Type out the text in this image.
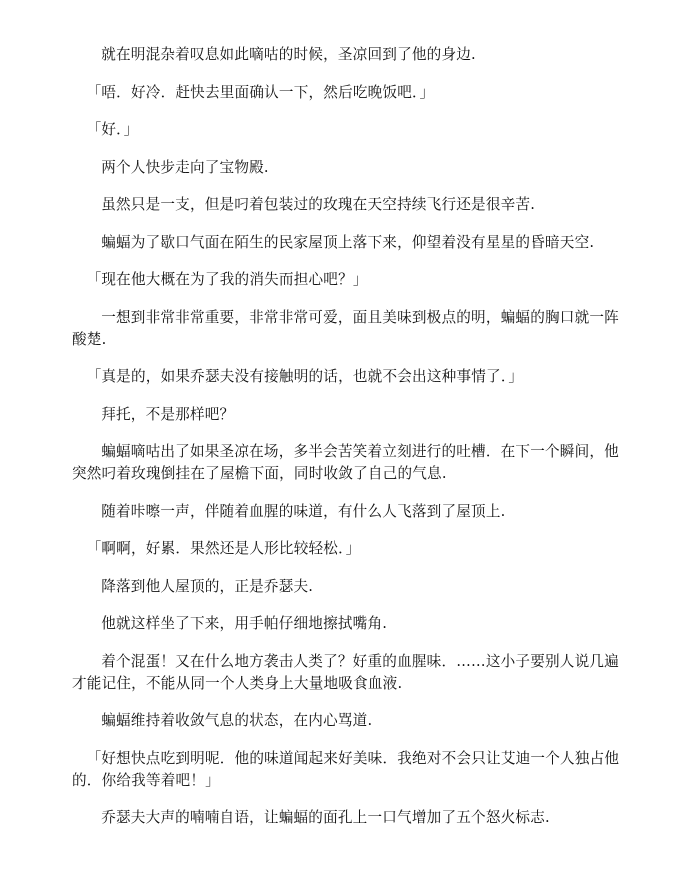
就在明混杂着叹息如此嘀咕的时候，圣凉回到了他的身边.

「唔．好冷．赶快去里面确认一下，然后吃晚饭吧．」

「好．」

两个人快步走向了宝物殿.

虽然只是一支，但是叼着包装过的玫瑰在天空持续飞行还是很辛苦.

蝙蝠为了歇口气面在陌生的民家屋顶上落下来，仰望着没有星星的昏暗天空.

「现在他大概在为了我的消失而担心吧？」

一想到非常非常重要，非常非常可爱，面且美味到极点的明，蝙蝠的胸口就一阵酸楚.

「真是的，如果乔瑟夫没有接触明的话，也就不会出这种事情了．」

拜托，不是那样吧？

蝙蝠嘀咕出了如果圣凉在场，多半会苦笑着立刻进行的吐槽．在下一个瞬间，他突然叼着玫瑰倒挂在了屋檐下面，同时收敛了自己的气息.

随着咔嚓一声，伴随着血腥的味道，有什么人飞落到了屋顶上.

「啊啊，好累．果然还是人形比较轻松．」

降落到他人屋顶的，正是乔瑟夫.

他就这样坐了下来，用手帕仔细地擦拭嘴角.

着个混蛋！又在什么地方袭击人类了？好重的血腥味．……这小子要别人说几遍才能记住，不能从同一个人类身上大量地吸食血液.

蝙蝠维持着收敛气息的状态，在内心骂道.

「好想快点吃到明呢．他的味道闻起来好美味．我绝对不会只让艾迪一个人独占他的．你给我等着吧！」

乔瑟夫大声的喃喃自语，让蝙蝠的面孔上一口气增加了五个怒火标志.
